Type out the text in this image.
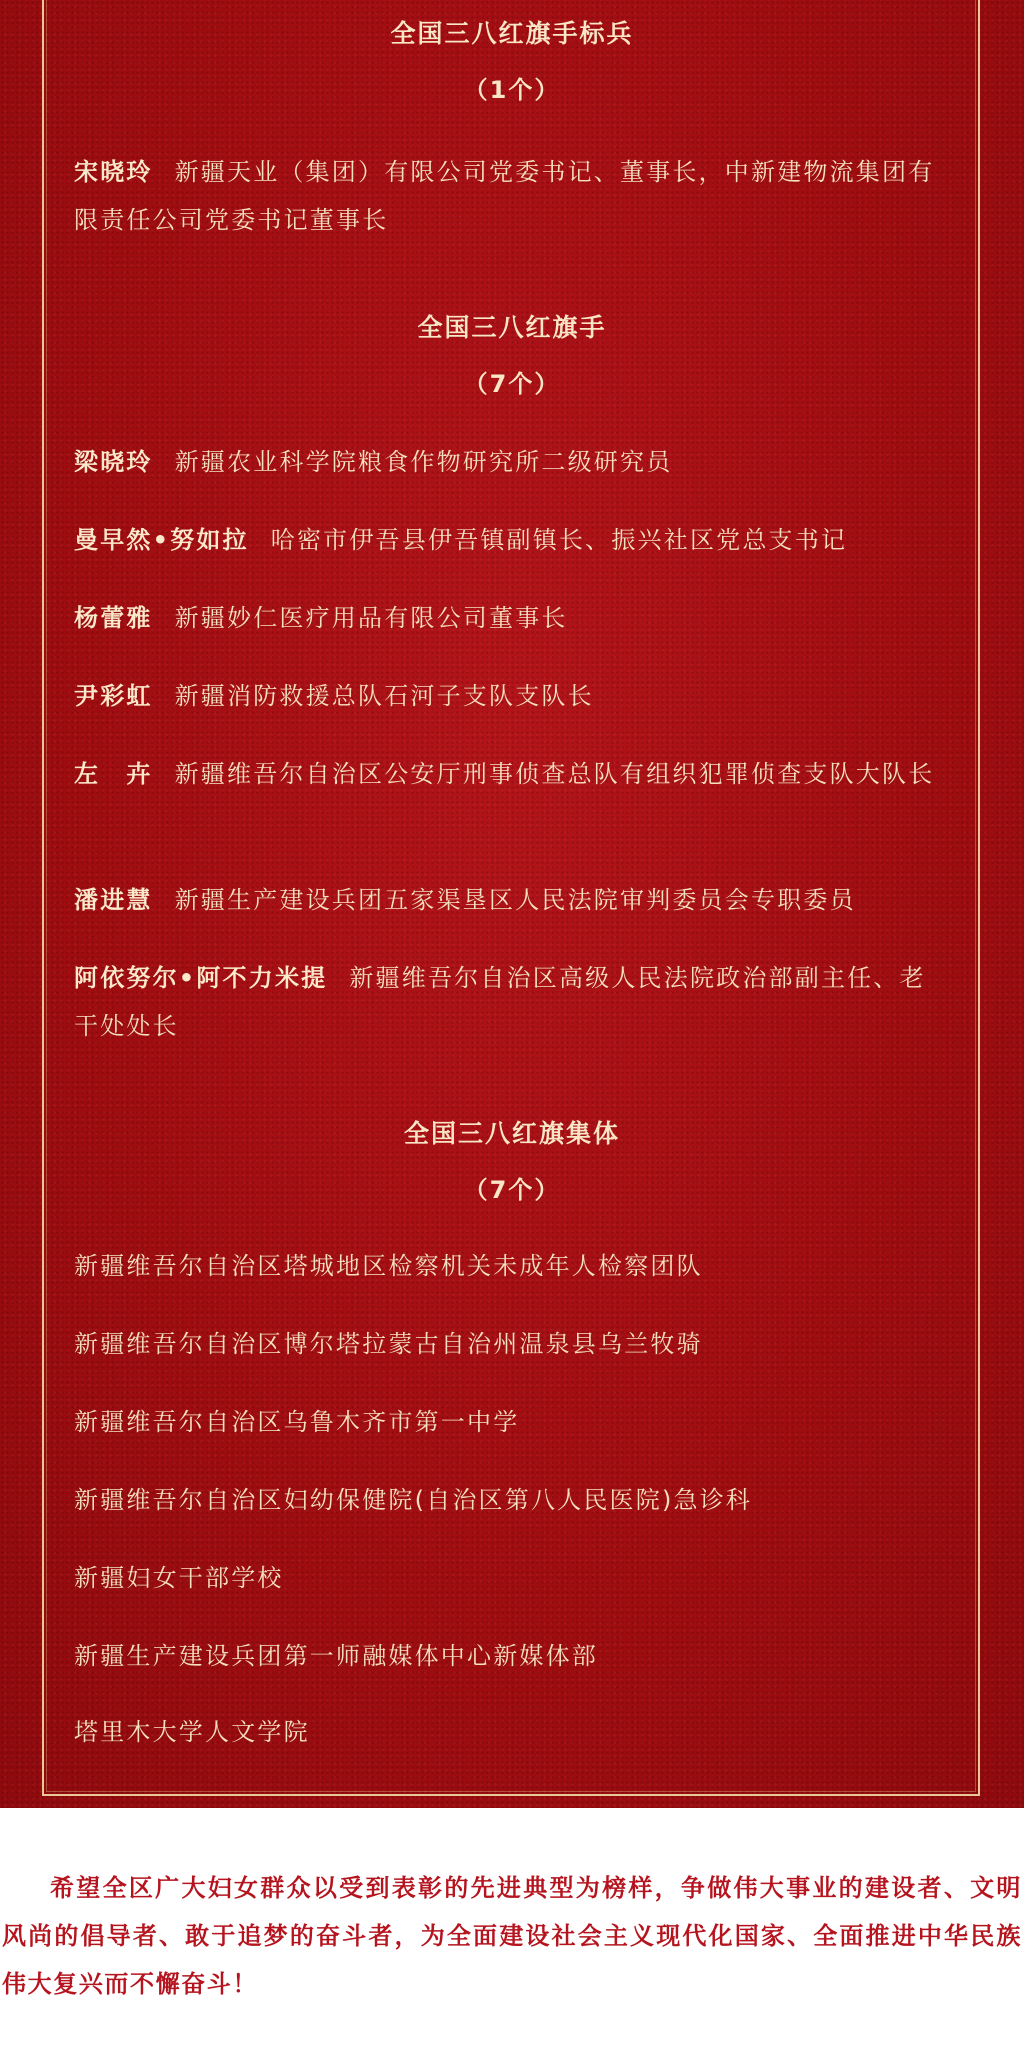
全国三八红旗手标兵
（1个）
宋晓玲 新疆天业（集团）有限公司党委书记、董事长，中新建物流集团有限责任公司党委书记董事长
全国三八红旗手
（7个）
梁晓玲 新疆农业科学院粮食作物研究所二级研究员
曼早然•努如拉 哈密市伊吾县伊吾镇副镇长、振兴社区党总支书记
杨蕾雅 新疆妙仁医疗用品有限公司董事长
尹彩虹 新疆消防救援总队石河子支队支队长
左　卉 新疆维吾尔自治区公安厅刑事侦查总队有组织犯罪侦查支队大队长
潘进慧 新疆生产建设兵团五家渠垦区人民法院审判委员会专职委员
阿依努尔•阿不力米提 新疆维吾尔自治区高级人民法院政治部副主任、老干处处长
全国三八红旗集体
（7个）
新疆维吾尔自治区塔城地区检察机关未成年人检察团队
新疆维吾尔自治区博尔塔拉蒙古自治州温泉县乌兰牧骑
新疆维吾尔自治区乌鲁木齐市第一中学
新疆维吾尔自治区妇幼保健院(自治区第八人民医院)急诊科
新疆妇女干部学校
新疆生产建设兵团第一师融媒体中心新媒体部
塔里木大学人文学院

希望全区广大妇女群众以受到表彰的先进典型为榜样，争做伟大事业的建设者、文明风尚的倡导者、敢于追梦的奋斗者，为全面建设社会主义现代化国家、全面推进中华民族伟大复兴而不懈奋斗！
